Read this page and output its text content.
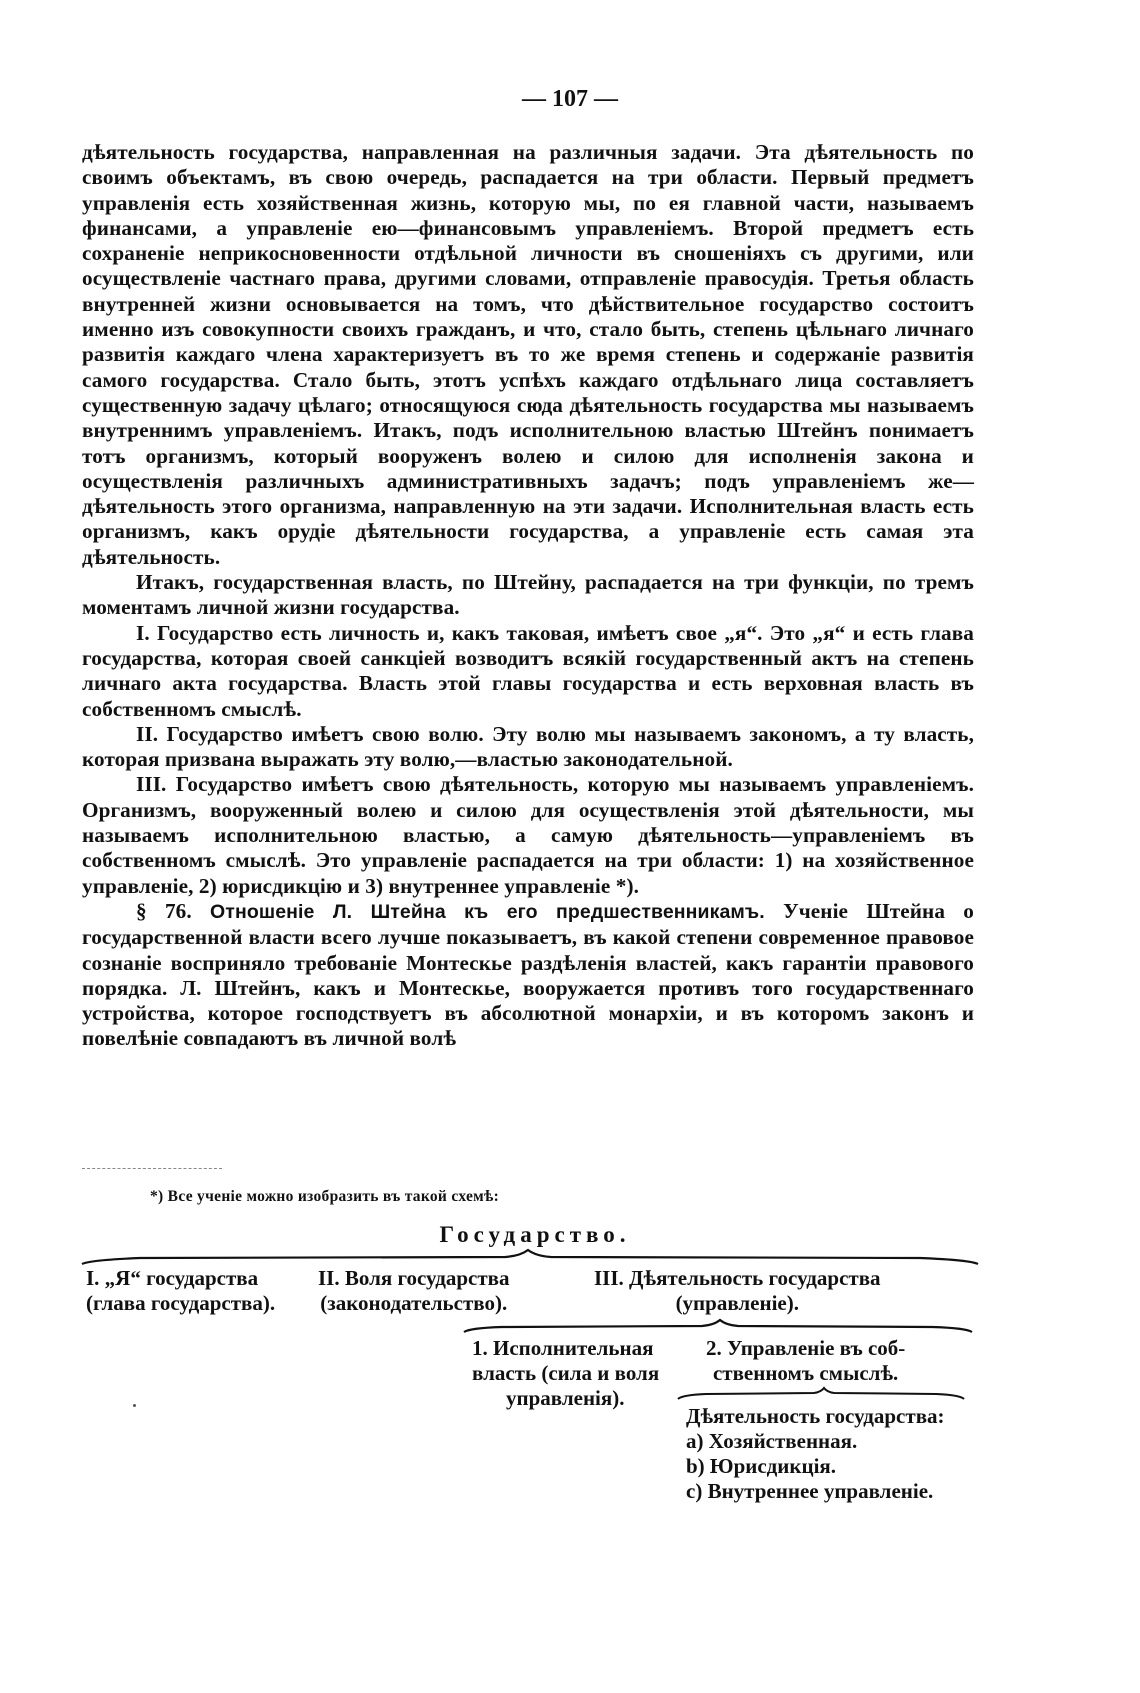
— 107 —

дѣятельность государства, направленная на различныя задачи. Эта дѣятельность по своимъ объектамъ, въ свою очередь, распадается на три области. Первый предметъ управленія есть хозяйственная жизнь, которую мы, по ея главной части, называемъ финансами, а управленіе ею—финансовымъ управленіемъ. Второй предметъ есть сохраненіе неприкосновенности отдѣльной личности въ сношеніяхъ съ другими, или осуществленіе частнаго права, другими словами, отправленіе правосудія. Третья область внутренней жизни основывается на томъ, что дѣйствительное государство состоитъ именно изъ совокупности своихъ гражданъ, и что, стало быть, степень цѣльнаго личнаго развитія каждаго члена характеризуетъ въ то же время степень и содержаніе развитія самого государства. Стало быть, этотъ успѣхъ каждаго отдѣльнаго лица составляетъ существенную задачу цѣлаго; относящуюся сюда дѣятельность государства мы называемъ внутреннимъ управленіемъ. Итакъ, подъ исполнительною властью Штейнъ понимаетъ тотъ организмъ, который вооруженъ волею и силою для исполненія закона и осуществленія различныхъ административныхъ задачъ; подъ управленіемъ же—дѣятельность этого организма, направленную на эти задачи. Исполнительная власть есть организмъ, какъ орудіе дѣятельности государства, а управленіе есть самая эта дѣятельность.

Итакъ, государственная власть, по Штейну, распадается на три функціи, по тремъ моментамъ личной жизни государства.

I. Государство есть личность и, какъ таковая, имѣетъ свое „я“. Это „я“ и есть глава государства, которая своей санкціей возводитъ всякій государственный актъ на степень личнаго акта государства. Власть этой главы государства и есть верховная власть въ собственномъ смыслѣ.

II. Государство имѣетъ свою волю. Эту волю мы называемъ закономъ, а ту власть, которая призвана выражать эту волю,—властью законодательной.

III. Государство имѣетъ свою дѣятельность, которую мы называемъ управленіемъ. Организмъ, вооруженный волею и силою для осуществленія этой дѣятельности, мы называемъ исполнительною властью, а самую дѣятельность—управленіемъ въ собственномъ смыслѣ. Это управленіе распадается на три области: 1) на хозяйственное управленіе, 2) юрисдикцію и 3) внутреннее управленіе *).

§ 76. Отношеніе Л. Штейна къ его предшественникамъ. Ученіе Штейна о государственной власти всего лучше показываетъ, въ какой степени современное правовое сознаніе восприняло требованіе Монтескье раздѣленія властей, какъ гарантіи правового порядка. Л. Штейнъ, какъ и Монтескье, вооружается противъ того государственнаго устройства, которое господствуетъ въ абсолютной монархіи, и въ которомъ законъ и повелѣніе совпадаютъ въ личной волѣ

*) Все ученіе можно изобразить въ такой схемѣ:
Государство.
I. „Я“ государства
(глава государства).
II. Воля государства
(законодательство).
III. Дѣятельность государства
(управленіе).
1. Исполнительная
власть (сила и воля
управленія).
2. Управленіе въ соб-
ственномъ смыслѣ.
Дѣятельность государства:
a) Хозяйственная.
b) Юрисдикція.
c) Внутреннее управленіе.
